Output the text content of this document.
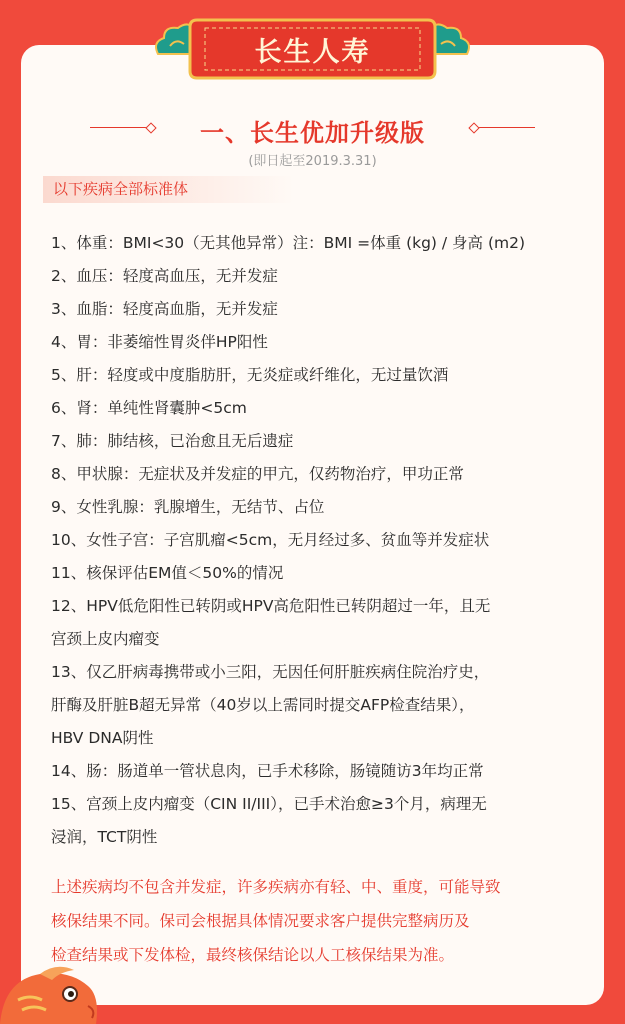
长生人寿
一、长生优加升级版
(即日起至2019.3.31)
以下疾病全部标准体
1、体重：BMI<30（无其他异常）注：BMI =体重 (kg) / 身高 (m2)
2、血压：轻度高血压，无并发症
3、血脂：轻度高血脂，无并发症
4、胃：非萎缩性胃炎伴HP阳性
5、肝：轻度或中度脂肪肝，无炎症或纤维化，无过量饮酒
6、肾：单纯性肾囊肿<5cm
7、肺：肺结核，已治愈且无后遗症
8、甲状腺：无症状及并发症的甲亢，仅药物治疗，甲功正常
9、女性乳腺：乳腺增生，无结节、占位
10、女性子宫：子宫肌瘤<5cm，无月经过多、贫血等并发症状
11、核保评估EM值＜50%的情况
12、HPV低危阳性已转阴或HPV高危阳性已转阴超过一年，且无
宫颈上皮内瘤变
13、仅乙肝病毒携带或小三阳，无因任何肝脏疾病住院治疗史，
肝酶及肝脏B超无异常（40岁以上需同时提交AFP检查结果），
HBV DNA阴性
14、肠：肠道单一管状息肉，已手术移除，肠镜随访3年均正常
15、宫颈上皮内瘤变（CIN II/III），已手术治愈≥3个月，病理无
浸润，TCT阴性
上述疾病均不包含并发症，许多疾病亦有轻、中、重度，可能导致
核保结果不同。保司会根据具体情况要求客户提供完整病历及
检查结果或下发体检，最终核保结论以人工核保结果为准。
